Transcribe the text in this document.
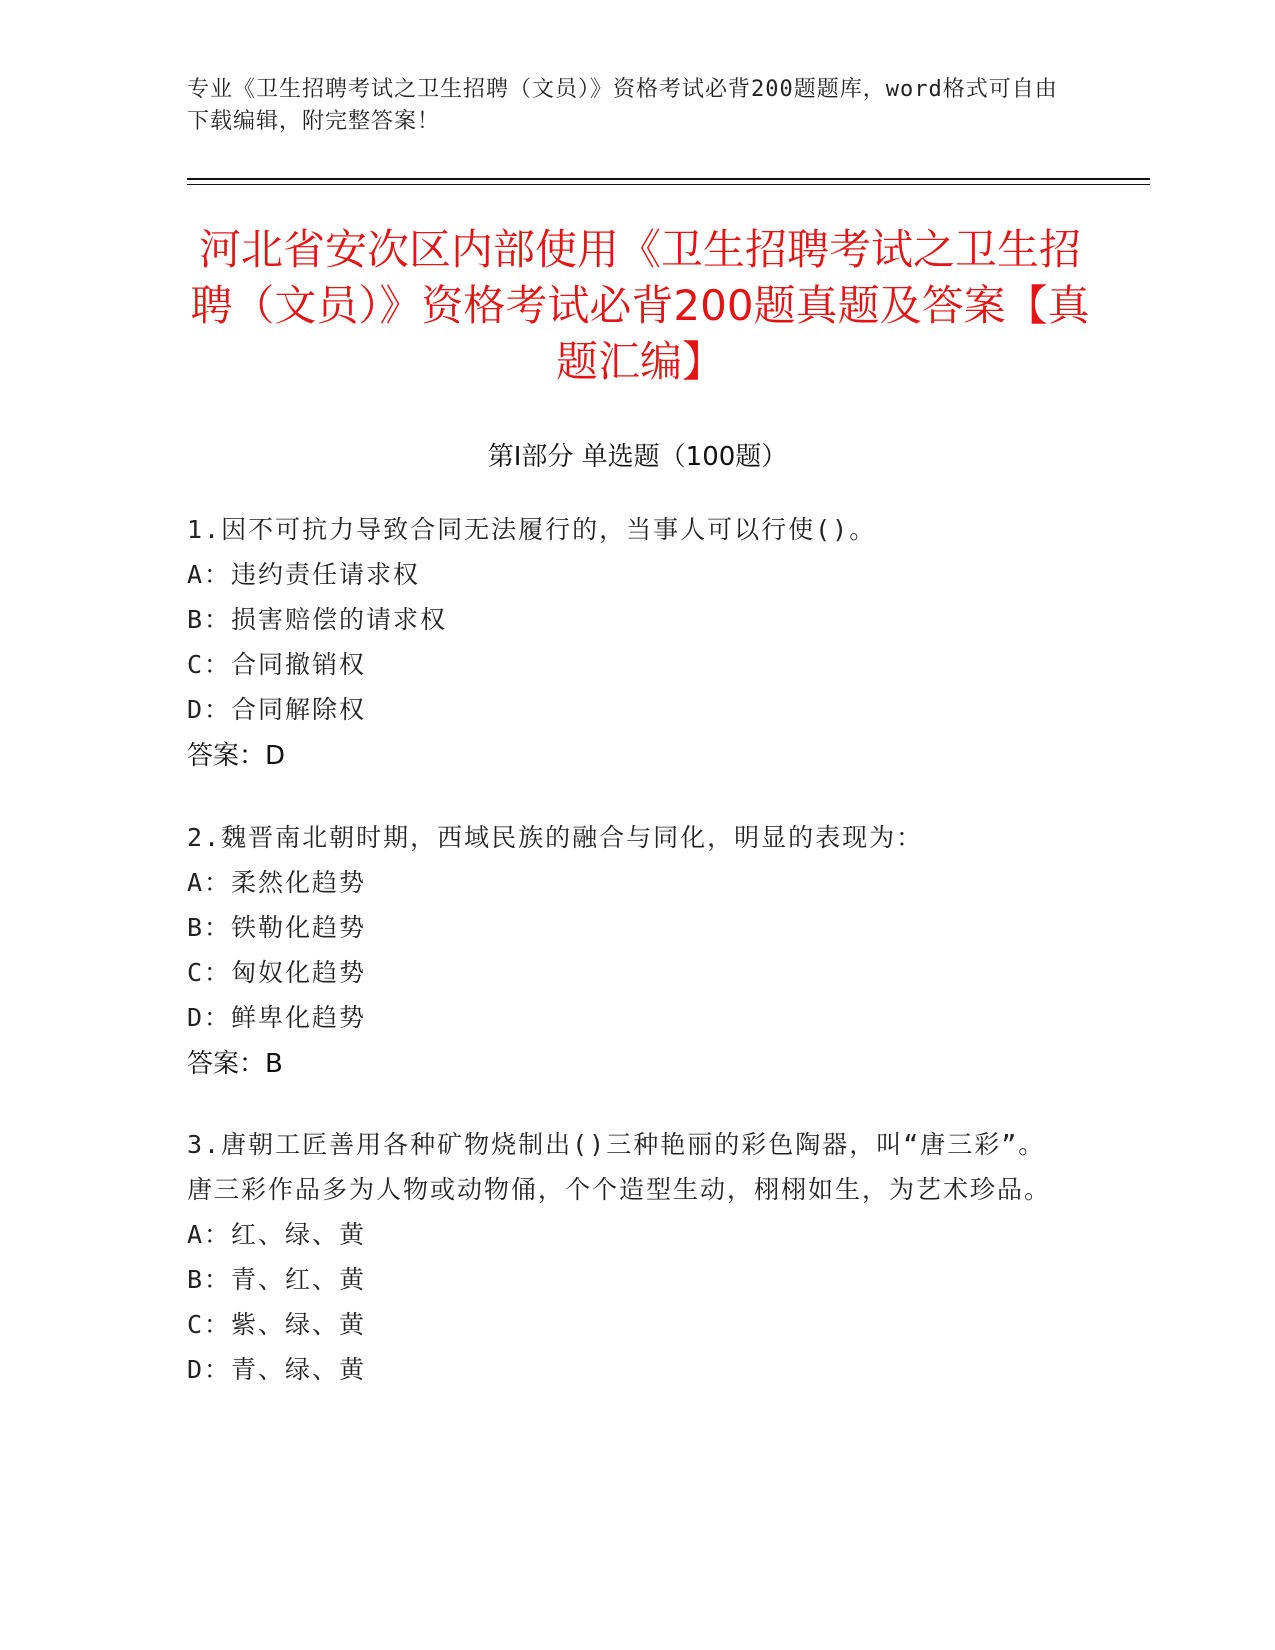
专业《卫生招聘考试之卫生招聘（文员）》资格考试必背200题题库，word格式可自由下载编辑，附完整答案！
河北省安次区内部使用《卫生招聘考试之卫生招聘（文员）》资格考试必背200题真题及答案【真题汇编】
第Ⅰ部分 单选题（100题）
1.因不可抗力导致合同无法履行的，当事人可以行使()。
A：违约责任请求权
B：损害赔偿的请求权
C：合同撤销权
D：合同解除权
答案：D
2.魏晋南北朝时期，西域民族的融合与同化，明显的表现为：
A：柔然化趋势
B：铁勒化趋势
C：匈奴化趋势
D：鲜卑化趋势
答案：B
3.唐朝工匠善用各种矿物烧制出()三种艳丽的彩色陶器，叫“唐三彩”。唐三彩作品多为人物或动物俑，个个造型生动，栩栩如生，为艺术珍品。
A：红、绿、黄
B：青、红、黄
C：紫、绿、黄
D：青、绿、黄
